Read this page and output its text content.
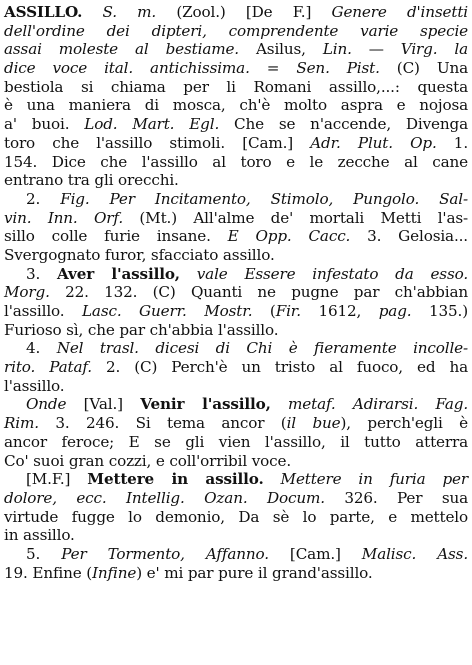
ASSILLO. S. m. (Zool.) [De F.] Genere d'insetti
dell'ordine dei dipteri, comprendente varie specie
assai moleste al bestiame. Asilus, Lin. — Virg. la
dice voce ital. antichissima. = Sen. Pist. (C) Una
bestiola si chiama per li Romani assillo,...: questa
è una maniera di mosca, ch'è molto aspra e nojosa
a' buoi. Lod. Mart. Egl. Che se n'accende, Divenga
toro che l'assillo stimoli. [Cam.] Adr. Plut. Op. 1.
154. Dice che l'assillo al toro e le zecche al cane
entrano tra gli orecchi.
2. Fig. Per Incitamento, Stimolo, Pungolo. Sal-
vin. Inn. Orf. (Mt.) All'alme de' mortali Metti l'as-
sillo colle furie insane. E Opp. Cacc. 3. Gelosia...
Svergognato furor, sfacciato assillo.
3. Aver l'assillo, vale Essere infestato da esso.
Morg. 22. 132. (C) Quanti ne pugne par ch'abbian
l'assillo. Lasc. Guerr. Mostr. (Fir. 1612, pag. 135.)
Furioso sì, che par ch'abbia l'assillo.
4. Nel trasl. dicesi di Chi è fieramente incolle-
rito. Pataf. 2. (C) Perch'è un tristo al fuoco, ed ha
l'assillo.
Onde [Val.] Venir l'assillo, metaf. Adirarsi. Fag.
Rim. 3. 246. Si tema ancor (il bue), perch'egli è
ancor feroce; E se gli vien l'assillo, il tutto atterra
Co' suoi gran cozzi, e coll'orribil voce.
[M.F.] Mettere in assillo. Mettere in furia per
dolore, ecc. Intellig. Ozan. Docum. 326. Per sua
virtude fugge lo demonio, Da sè lo parte, e mettelo
in assillo.
5. Per Tormento, Affanno. [Cam.] Malisc. Ass.
19. Enfine (Infine) e' mi par pure il grand'assillo.
